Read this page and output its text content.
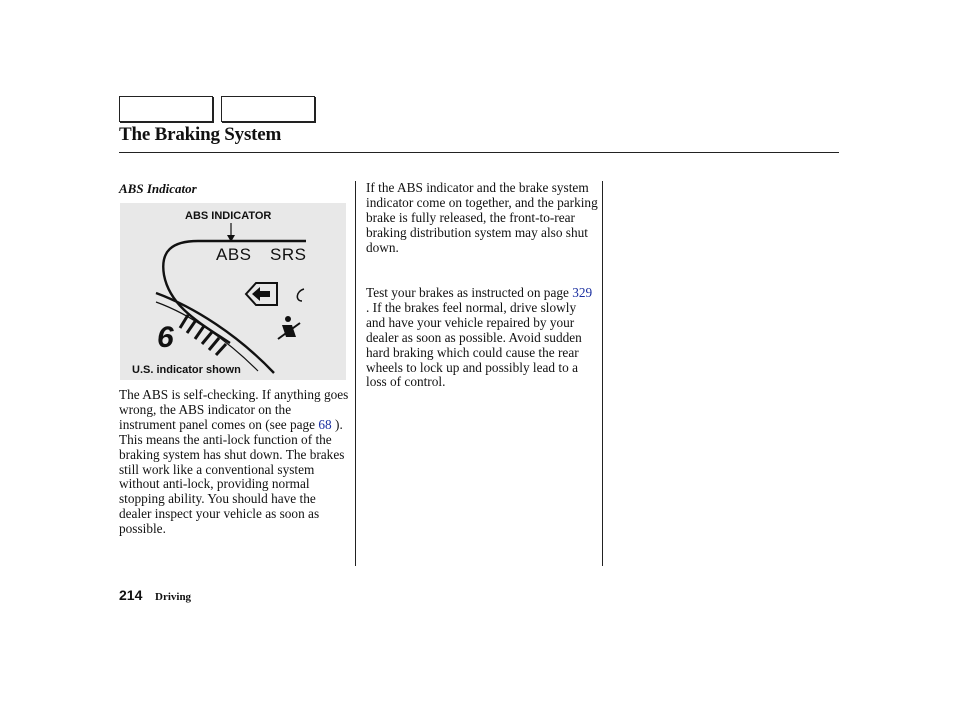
The Braking System
ABS Indicator
ABS INDICATOR
ABS SRS
6
U.S. indicator shown
The ABS is self-checking. If anything goes wrong, the ABS indicator on the instrument panel comes on (see page 68 ). This means the anti-lock function of the braking system has shut down. The brakes still work like a conventional system without anti-lock, providing normal stopping ability. You should have the dealer inspect your vehicle as soon as possible.
If the ABS indicator and the brake system indicator come on together, and the parking brake is fully released, the front-to-rear braking distribution system may also shut down.
Test your brakes as instructed on page 329 . If the brakes feel normal, drive slowly and have your vehicle repaired by your dealer as soon as possible. Avoid sudden hard braking which could cause the rear wheels to lock up and possibly lead to a loss of control.
214 Driving
